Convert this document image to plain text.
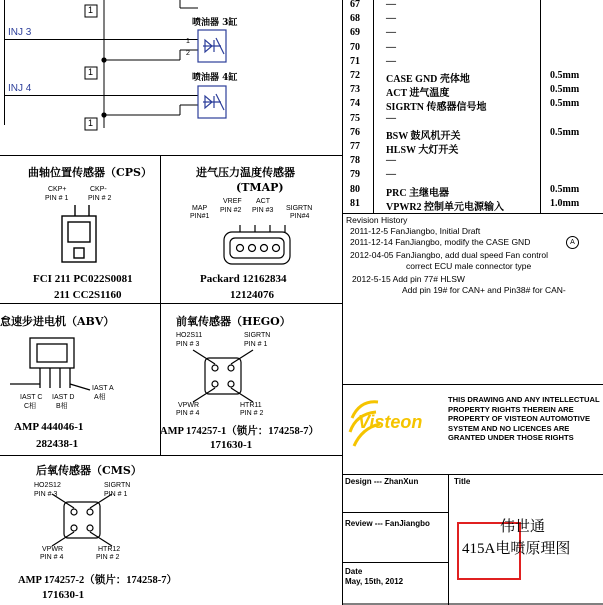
INJ 3
INJ 4
喷油器 3缸
喷油器 4缸
1
1
1
1
2
67	—
68	—
69	—
70	—
71	—
72	CASE GND 壳体地	0.5mm
73	ACT 进气温度	0.5mm
74	SIGRTN 传感器信号地	0.5mm
75	—
76	BSW 鼓风机开关	0.5mm
77	HLSW 大灯开关
78	—
79	—
80	PRC 主继电器	0.5mm
81	VPWR2 控制单元电源输入	1.0mm
Revision History
2011-12-5 FanJiangbo, Initial Draft
2011-12-14 FanJiangbo, modify the CASE GND	A
2012-04-05 FanJiangbo, add dual speed Fan control
correct ECU male connector type
2012-5-15 Add pin 77# HLSW
Add pin 19# for CAN+ and Pin38# for CAN-
曲轴位置传感器（CPS）
CKP+
PIN # 1
CKP-
PIN # 2
FCI 211 PC022S0081
211 CC2S1160
进气压力温度传感器
(TMAP)
MAP
PIN#1
VREF
PIN #2
ACT
PIN #3 SIGRTN
PIN#4
Packard 12162834
12124076
怠速步进电机（ABV）
IAST A
A相
IAST C
C相
IAST D
B相
AMP 444046-1
282438-1
前氧传感器（HEGO）
HO2S11
PIN # 3
SIGRTN
PIN # 1
VPWR
PIN # 4
HTR11
PIN # 2
AMP 174257-1（锁片：174258-7）
171630-1
后氧传感器（CMS）
HO2S12
PIN # 3
SIGRTN
PIN # 1
VPWR
PIN # 4
HTR12
PIN # 2
AMP 174257-2（锁片：174258-7）
171630-1
Visteon
THIS DRAWING AND ANY INTELLECTUAL PROPERTY RIGHTS THEREIN ARE PROPERTY OF VISTEON AUTOMOTIVE SYSTEM AND NO LICENCES ARE GRANTED UNDER THOSE RIGHTS
Design --- ZhanXun
Review --- FanJiangbo
Date
May, 15th, 2012
Title
伟世通
415A电喷原理图
